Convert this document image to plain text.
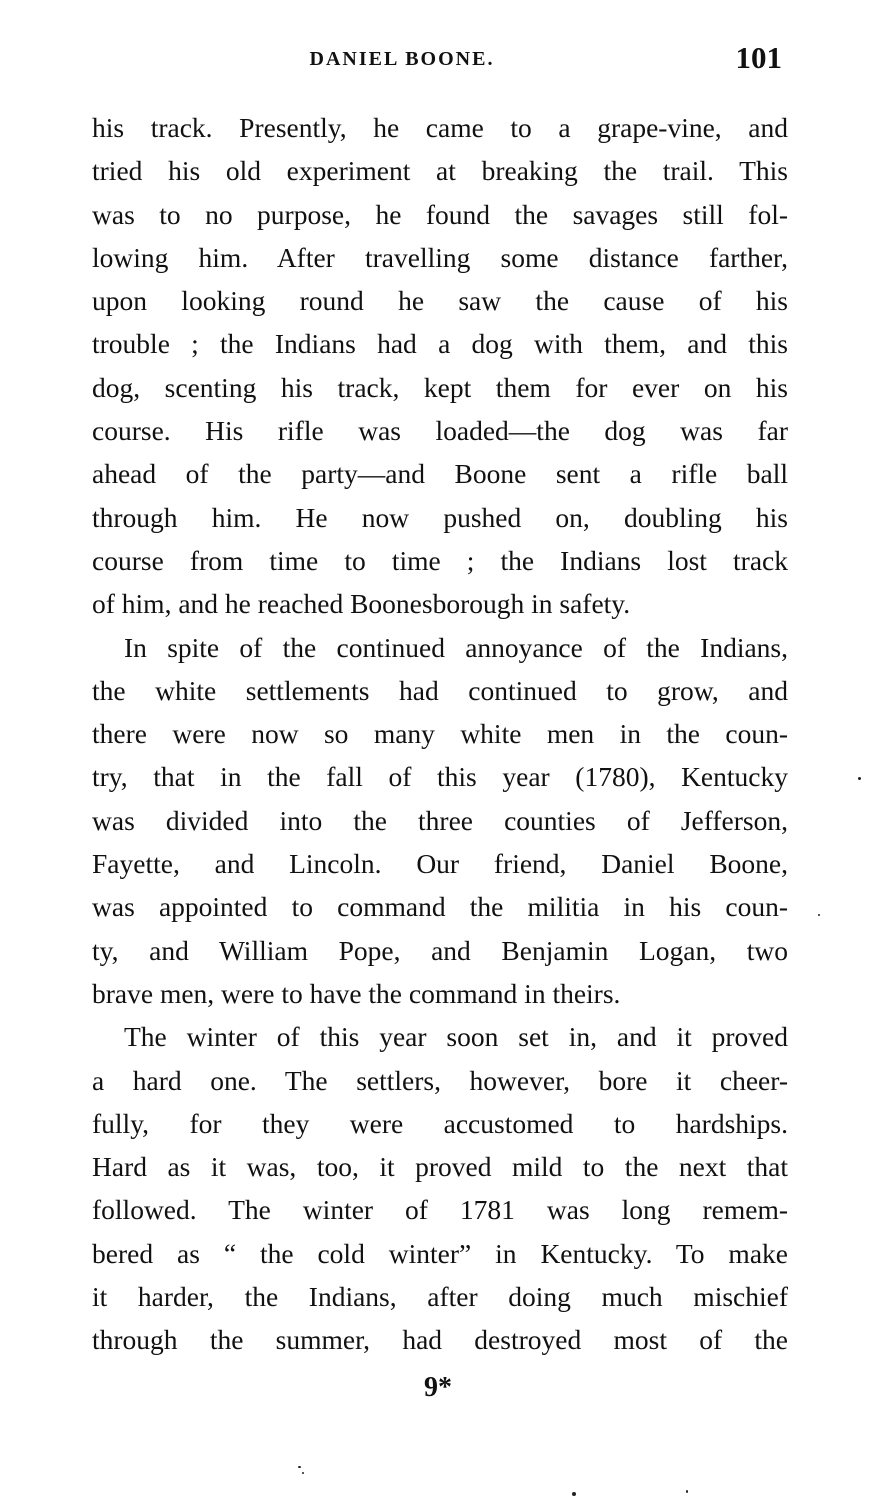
DANIEL BOONE.	101
his track. Presently, he came to a grape-vine, and
tried his old experiment at breaking the trail. This
was to no purpose, he found the savages still fol-
lowing him. After travelling some distance farther,
upon looking round he saw the cause of his
trouble ; the Indians had a dog with them, and this
dog, scenting his track, kept them for ever on his
course. His rifle was loaded—the dog was far
ahead of the party—and Boone sent a rifle ball
through him. He now pushed on, doubling his
course from time to time ; the Indians lost track
of him, and he reached Boonesborough in safety.
In spite of the continued annoyance of the Indians,
the white settlements had continued to grow, and
there were now so many white men in the coun-
try, that in the fall of this year (1780), Kentucky
was divided into the three counties of Jefferson,
Fayette, and Lincoln. Our friend, Daniel Boone,
was appointed to command the militia in his coun-
ty, and William Pope, and Benjamin Logan, two
brave men, were to have the command in theirs.
The winter of this year soon set in, and it proved
a hard one. The settlers, however, bore it cheer-
fully, for they were accustomed to hardships.
Hard as it was, too, it proved mild to the next that
followed. The winter of 1781 was long remem-
bered as “ the cold winter” in Kentucky. To make
it harder, the Indians, after doing much mischief
through the summer, had destroyed most of the
9*
